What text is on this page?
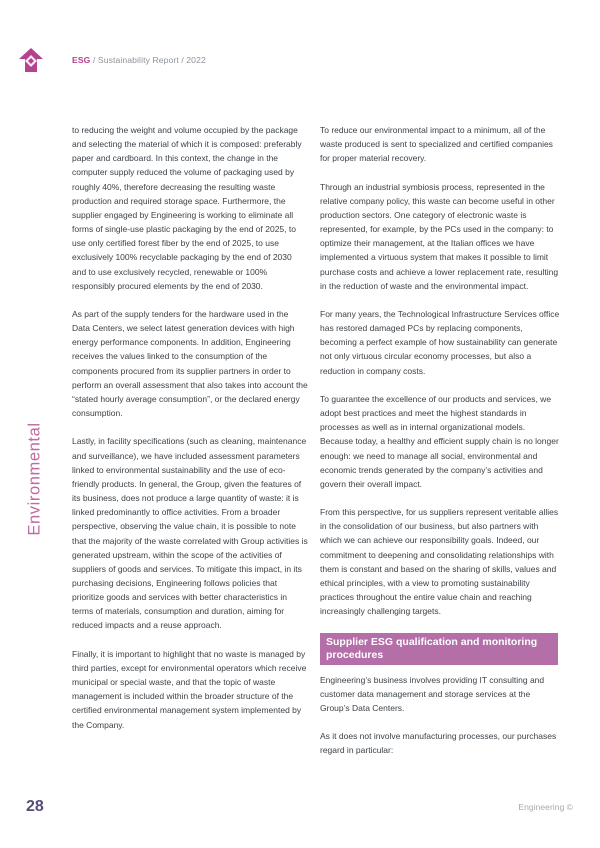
ESG / Sustainability Report / 2022
Environmental

to reducing the weight and volume occupied by the package and selecting the material of which it is composed: preferably paper and cardboard. In this context, the change in the computer supply reduced the volume of packaging used by roughly 40%, therefore decreasing the resulting waste production and required storage space. Furthermore, the supplier engaged by Engineering is working to eliminate all forms of single-use plastic packaging by the end of 2025, to use only certified forest fiber by the end of 2025, to use exclusively 100% recyclable packaging by the end of 2030 and to use exclusively recycled, renewable or 100% responsibly procured elements by the end of 2030.

As part of the supply tenders for the hardware used in the Data Centers, we select latest generation devices with high energy performance components. In addition, Engineering receives the values linked to the consumption of the components procured from its supplier partners in order to perform an overall assessment that also takes into account the “stated hourly average consumption”, or the declared energy consumption.

Lastly, in facility specifications (such as cleaning, maintenance and surveillance), we have included assessment parameters linked to environmental sustainability and the use of eco-friendly products. In general, the Group, given the features of its business, does not produce a large quantity of waste: it is linked predominantly to office activities. From a broader perspective, observing the value chain, it is possible to note that the majority of the waste correlated with Group activities is generated upstream, within the scope of the activities of suppliers of goods and services. To mitigate this impact, in its purchasing decisions, Engineering follows policies that prioritize goods and services with better characteristics in terms of materials, consumption and duration, aiming for reduced impacts and a reuse approach.

Finally, it is important to highlight that no waste is managed by third parties, except for environmental operators which receive municipal or special waste, and that the topic of waste management is included within the broader structure of the certified environmental management system implemented by the Company.

To reduce our environmental impact to a minimum, all of the waste produced is sent to specialized and certified companies for proper material recovery.

Through an industrial symbiosis process, represented in the relative company policy, this waste can become useful in other production sectors. One category of electronic waste is represented, for example, by the PCs used in the company: to optimize their management, at the Italian offices we have implemented a virtuous system that makes it possible to limit purchase costs and achieve a lower replacement rate, resulting in the reduction of waste and the environmental impact.

For many years, the Technological Infrastructure Services office has restored damaged PCs by replacing components, becoming a perfect example of how sustainability can generate not only virtuous circular economy processes, but also a reduction in company costs.

To guarantee the excellence of our products and services, we adopt best practices and meet the highest standards in processes as well as in internal organizational models. Because today, a healthy and efficient supply chain is no longer enough: we need to manage all social, environmental and economic trends generated by the company’s activities and govern their overall impact.

From this perspective, for us suppliers represent veritable allies in the consolidation of our business, but also partners with which we can achieve our responsibility goals. Indeed, our commitment to deepening and consolidating relationships with them is constant and based on the sharing of skills, values and ethical principles, with a view to promoting sustainability practices throughout the entire value chain and reaching increasingly challenging targets.

Supplier ESG qualification and monitoring procedures

Engineering’s business involves providing IT consulting and customer data management and storage services at the Group’s Data Centers.

As it does not involve manufacturing processes, our purchases regard in particular:

28	Engineering ©
